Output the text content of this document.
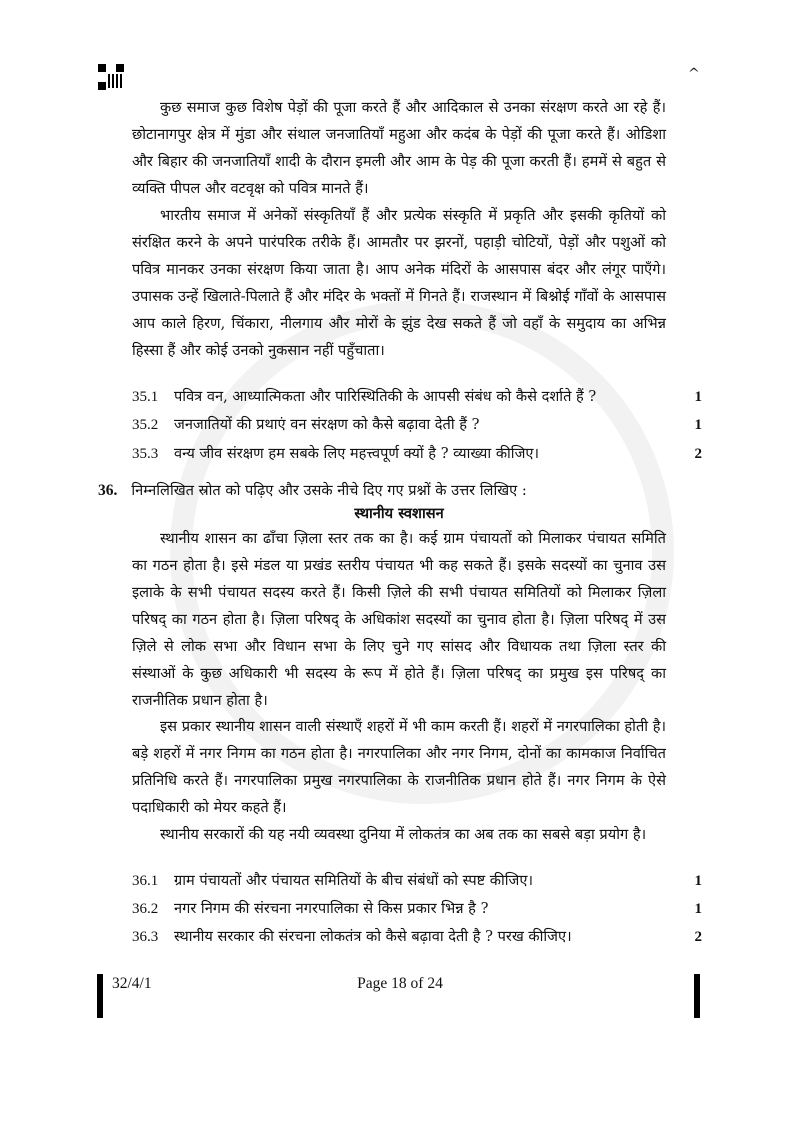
^

कुछ समाज कुछ विशेष पेड़ों की पूजा करते हैं और आदिकाल से उनका संरक्षण करते आ रहे हैं। छोटानागपुर क्षेत्र में मुंडा और संथाल जनजातियाँ महुआ और कदंब के पेड़ों की पूजा करते हैं। ओडिशा और बिहार की जनजातियाँ शादी के दौरान इमली और आम के पेड़ की पूजा करती हैं। हममें से बहुत से व्यक्ति पीपल और वटवृक्ष को पवित्र मानते हैं।

भारतीय समाज में अनेकों संस्कृतियाँ हैं और प्रत्येक संस्कृति में प्रकृति और इसकी कृतियों को संरक्षित करने के अपने पारंपरिक तरीके हैं। आमतौर पर झरनों, पहाड़ी चोटियों, पेड़ों और पशुओं को पवित्र मानकर उनका संरक्षण किया जाता है। आप अनेक मंदिरों के आसपास बंदर और लंगूर पाएँगे। उपासक उन्हें खिलाते-पिलाते हैं और मंदिर के भक्तों में गिनते हैं। राजस्थान में बिश्नोई गाँवों के आसपास आप काले हिरण, चिंकारा, नीलगाय और मोरों के झुंड देख सकते हैं जो वहाँ के समुदाय का अभिन्न हिस्सा हैं और कोई उनको नुकसान नहीं पहुँचाता।

35.1 पवित्र वन, आध्यात्मिकता और पारिस्थितिकी के आपसी संबंध को कैसे दर्शाते हैं ?	1
35.2 जनजातियों की प्रथाएं वन संरक्षण को कैसे बढ़ावा देती हैं ?	1
35.3 वन्य जीव संरक्षण हम सबके लिए महत्त्वपूर्ण क्यों है ? व्याख्या कीजिए।	2
36. निम्नलिखित स्रोत को पढ़िए और उसके नीचे दिए गए प्रश्नों के उत्तर लिखिए :
स्थानीय स्वशासन

स्थानीय शासन का ढाँचा ज़िला स्तर तक का है। कई ग्राम पंचायतों को मिलाकर पंचायत समिति का गठन होता है। इसे मंडल या प्रखंड स्तरीय पंचायत भी कह सकते हैं। इसके सदस्यों का चुनाव उस इलाके के सभी पंचायत सदस्य करते हैं। किसी ज़िले की सभी पंचायत समितियों को मिलाकर ज़िला परिषद् का गठन होता है। ज़िला परिषद् के अधिकांश सदस्यों का चुनाव होता है। ज़िला परिषद् में उस ज़िले से लोक सभा और विधान सभा के लिए चुने गए सांसद और विधायक तथा ज़िला स्तर की संस्थाओं के कुछ अधिकारी भी सदस्य के रूप में होते हैं। ज़िला परिषद् का प्रमुख इस परिषद् का राजनीतिक प्रधान होता है।

इस प्रकार स्थानीय शासन वाली संस्थाएँ शहरों में भी काम करती हैं। शहरों में नगरपालिका होती है। बड़े शहरों में नगर निगम का गठन होता है। नगरपालिका और नगर निगम, दोनों का कामकाज निर्वाचित प्रतिनिधि करते हैं। नगरपालिका प्रमुख नगरपालिका के राजनीतिक प्रधान होते हैं। नगर निगम के ऐसे पदाधिकारी को मेयर कहते हैं।

स्थानीय सरकारों की यह नयी व्यवस्था दुनिया में लोकतंत्र का अब तक का सबसे बड़ा प्रयोग है।

36.1 ग्राम पंचायतों और पंचायत समितियों के बीच संबंधों को स्पष्ट कीजिए।	1
36.2 नगर निगम की संरचना नगरपालिका से किस प्रकार भिन्न है ?	1
36.3 स्थानीय सरकार की संरचना लोकतंत्र को कैसे बढ़ावा देती है ? परख कीजिए।	2
32/4/1	Page 18 of 24
